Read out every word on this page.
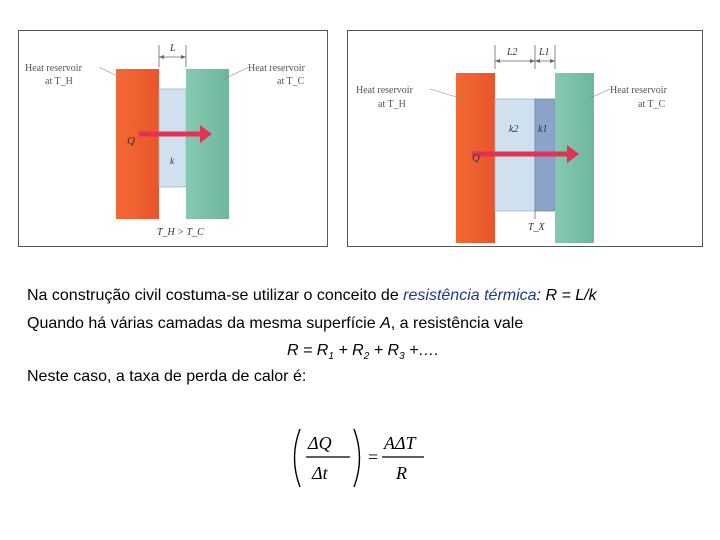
L
Q
k
Heat reservoir
at T_H
Heat reservoir
at T_C
T_H > T_C
L2 L1
Q
k2 k1
T_X
Heat reservoir
at T_H
Heat reservoir
at T_C
Na construção civil costuma-se utilizar o conceito de resistência térmica: R = L/k
Quando há várias camadas da mesma superfície A, a resistência vale
$R = R_1 + R_2 + R_3$ +….
Neste caso, a taxa de perda de calor é:
ΔQ
Δt
=
AΔT
R
